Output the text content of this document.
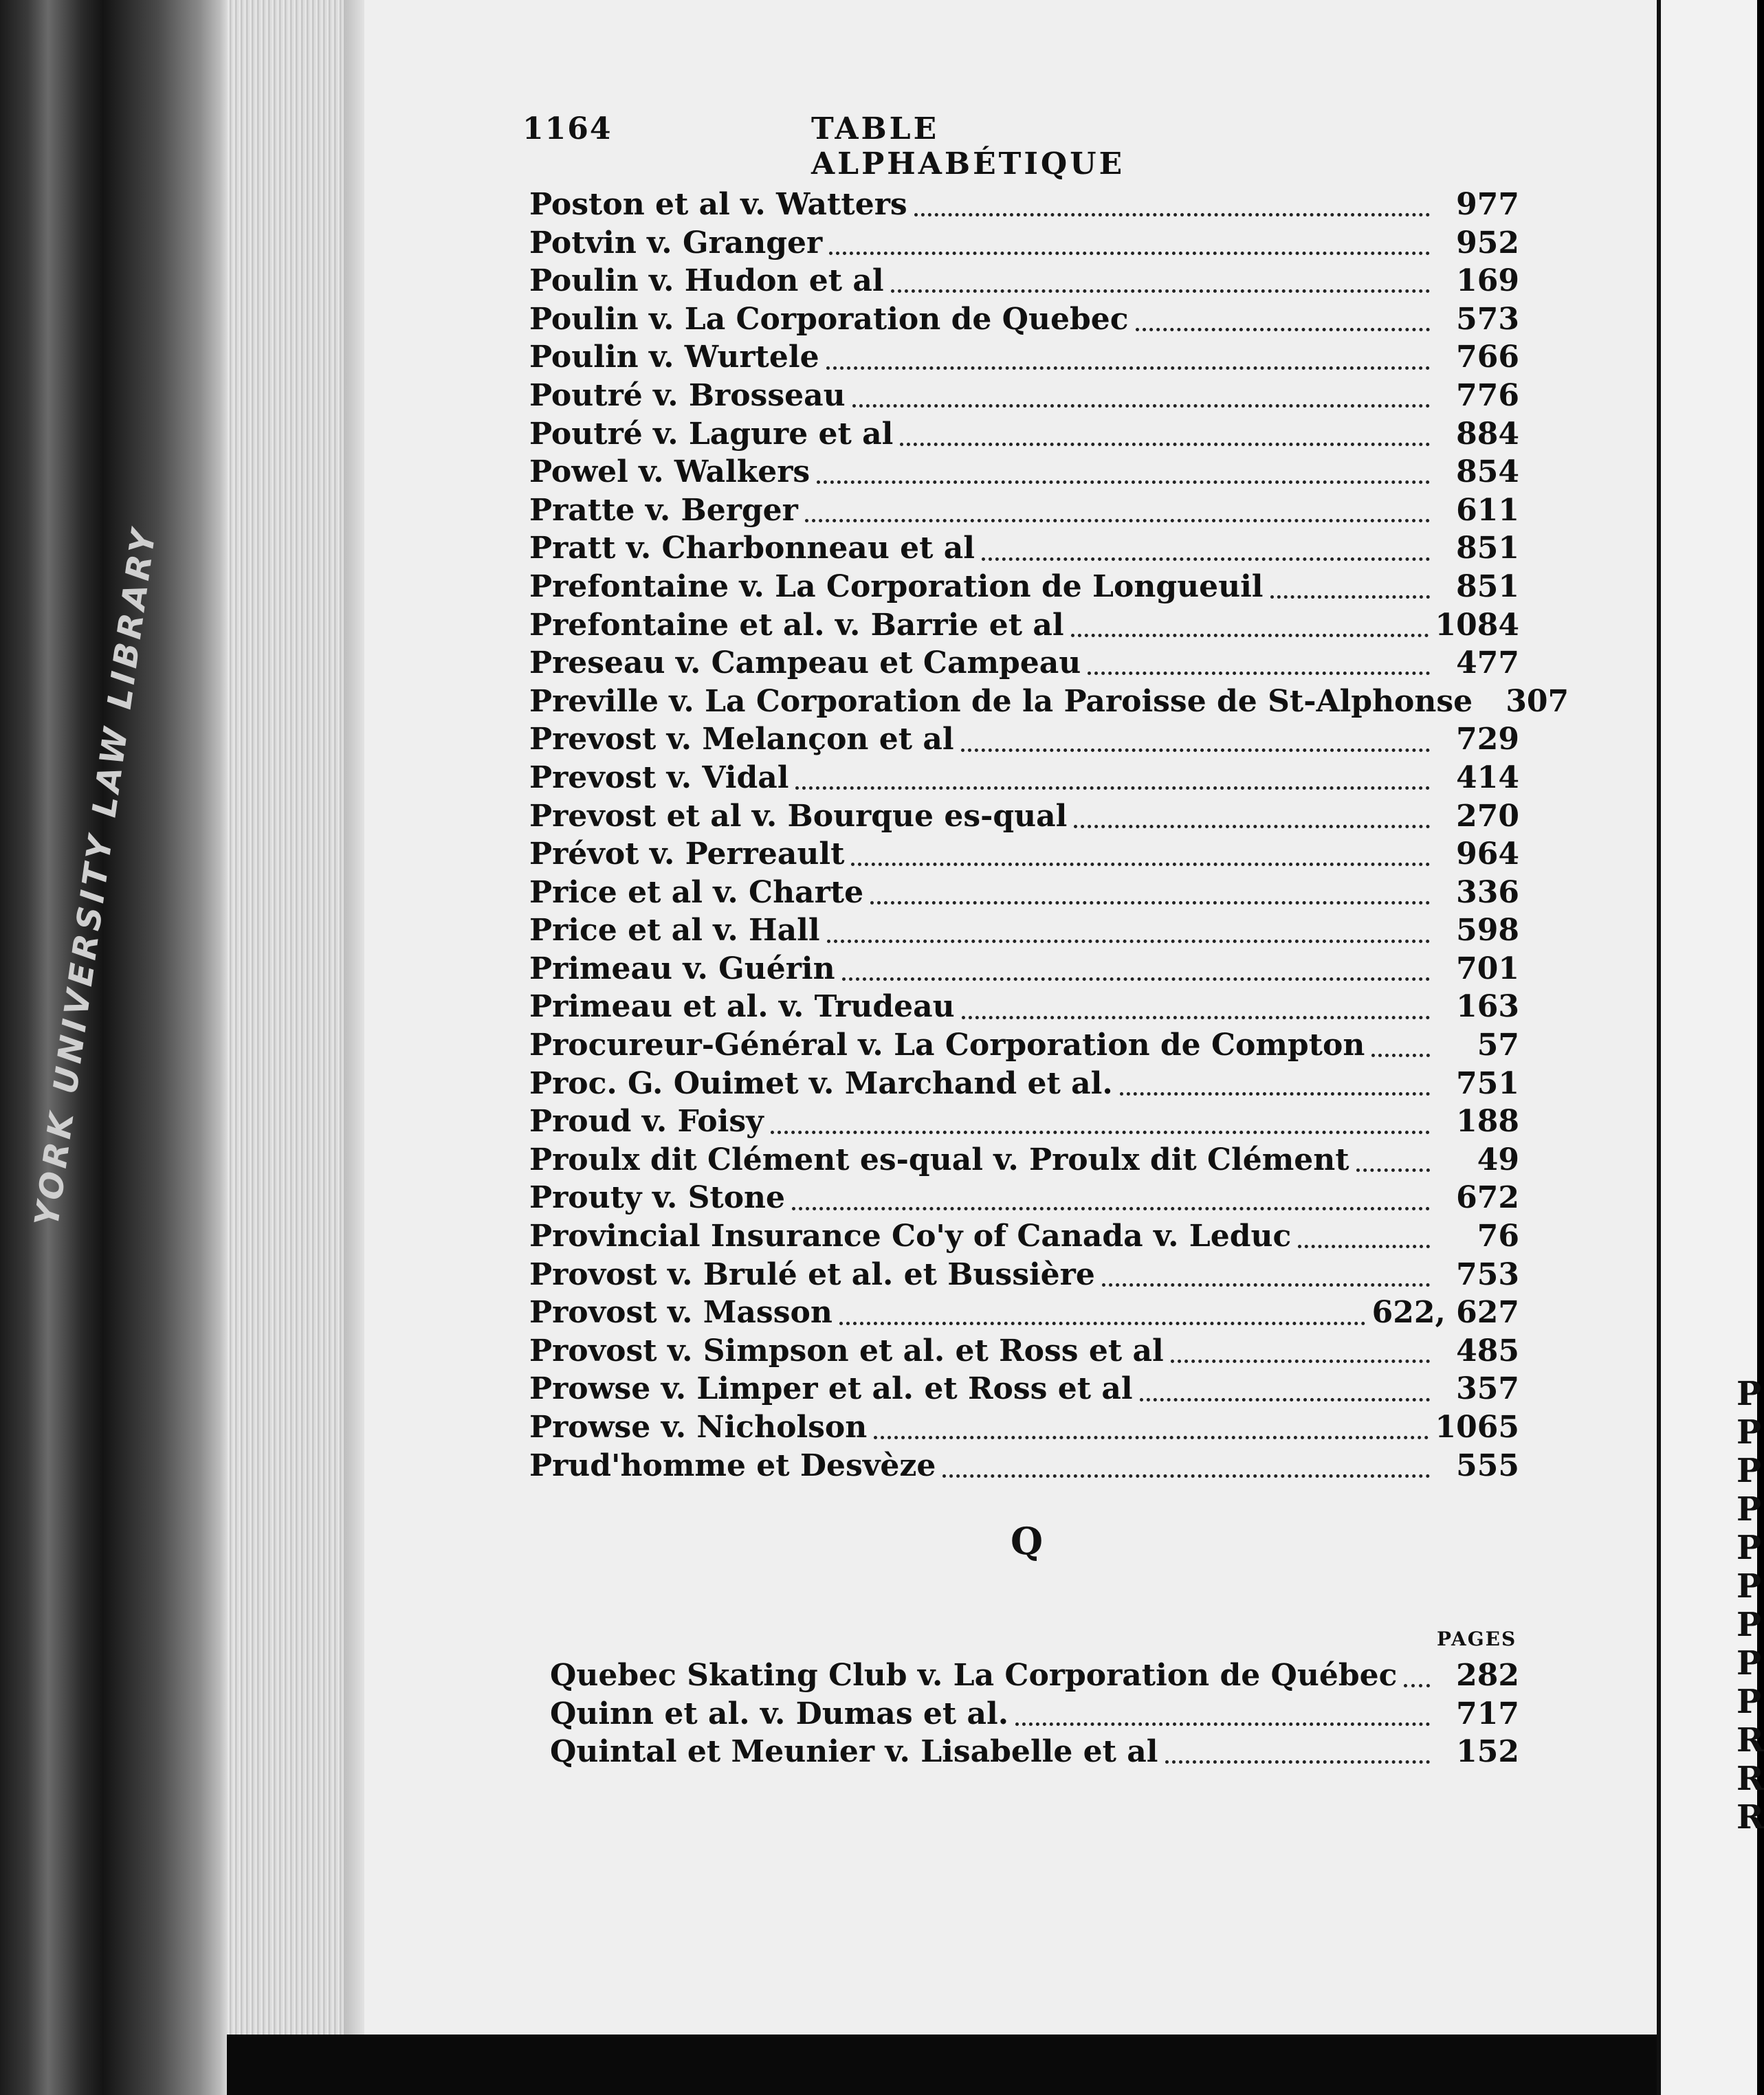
YORK UNIVERSITY LAW LIBRARY
P
P
P
P
P
P
P
P
P
R
R
R
1164	TABLE ALPHABÉTIQUE
Poston et al v. Watters	977
Potvin v. Granger	952
Poulin v. Hudon et al	169
Poulin v. La Corporation de Quebec	573
Poulin v. Wurtele	766
Poutré v. Brosseau	776
Poutré v. Lagure et al	884
Powel v. Walkers	854
Pratte v. Berger	611
Pratt v. Charbonneau et al	851
Prefontaine v. La Corporation de Longueuil	851
Prefontaine et al. v. Barrie et al	1084
Preseau v. Campeau et Campeau	477
Preville v. La Corporation de la Paroisse de St-Alphonse	307
Prevost v. Melançon et al	729
Prevost v. Vidal	414
Prevost et al v. Bourque es-qual	270
Prévot v. Perreault	964
Price et al v. Charte	336
Price et al v. Hall	598
Primeau v. Guérin	701
Primeau et al. v. Trudeau	163
Procureur-Général v. La Corporation de Compton	57
Proc. G. Ouimet v. Marchand et al.	751
Proud v. Foisy	188
Proulx dit Clément es-qual v. Proulx dit Clément	49
Prouty v. Stone	672
Provincial Insurance Co'y of Canada v. Leduc	76
Provost v. Brulé et al. et Bussière	753
Provost v. Masson	622, 627
Provost v. Simpson et al. et Ross et al	485
Prowse v. Limper et al. et Ross et al	357
Prowse v. Nicholson	1065
Prud'homme et Desvèze	555
Q
PAGES
Quebec Skating Club v. La Corporation de Québec	282
Quinn et al. v. Dumas et al.	717
Quintal et Meunier v. Lisabelle et al	152
